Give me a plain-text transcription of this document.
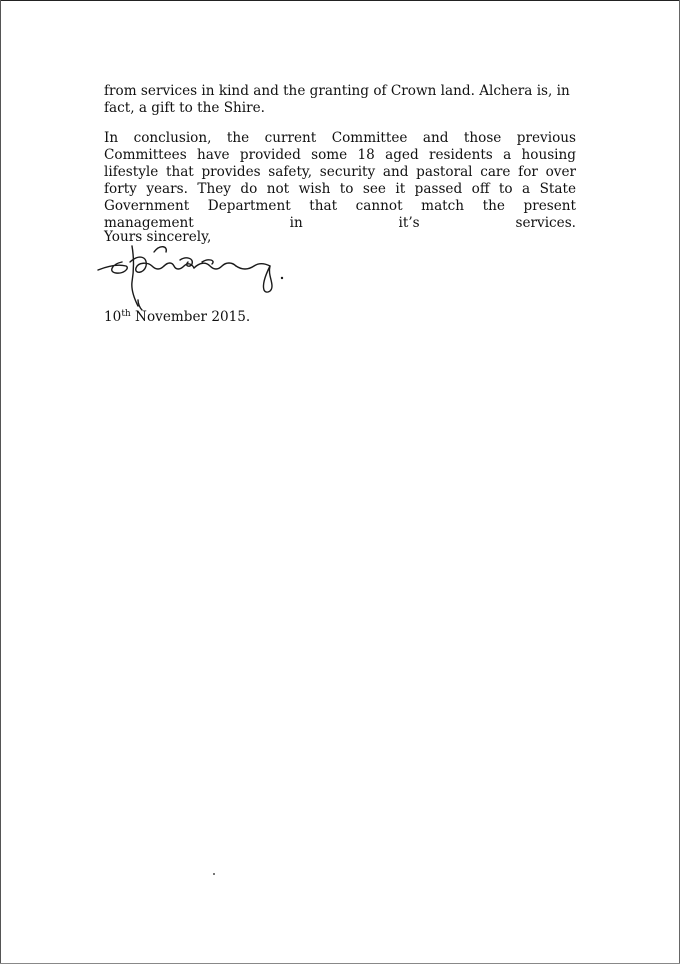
from services in kind and the granting of Crown land. Alchera is, in fact, a gift to the Shire.

In conclusion, the current Committee and those previous Committees have provided some 18 aged residents a housing lifestyle that provides safety, security and pastoral care for over forty years. They do not wish to see it passed off to a State Government Department that cannot match the present management in it’s services.

Yours sincerely,

10th November 2015.
